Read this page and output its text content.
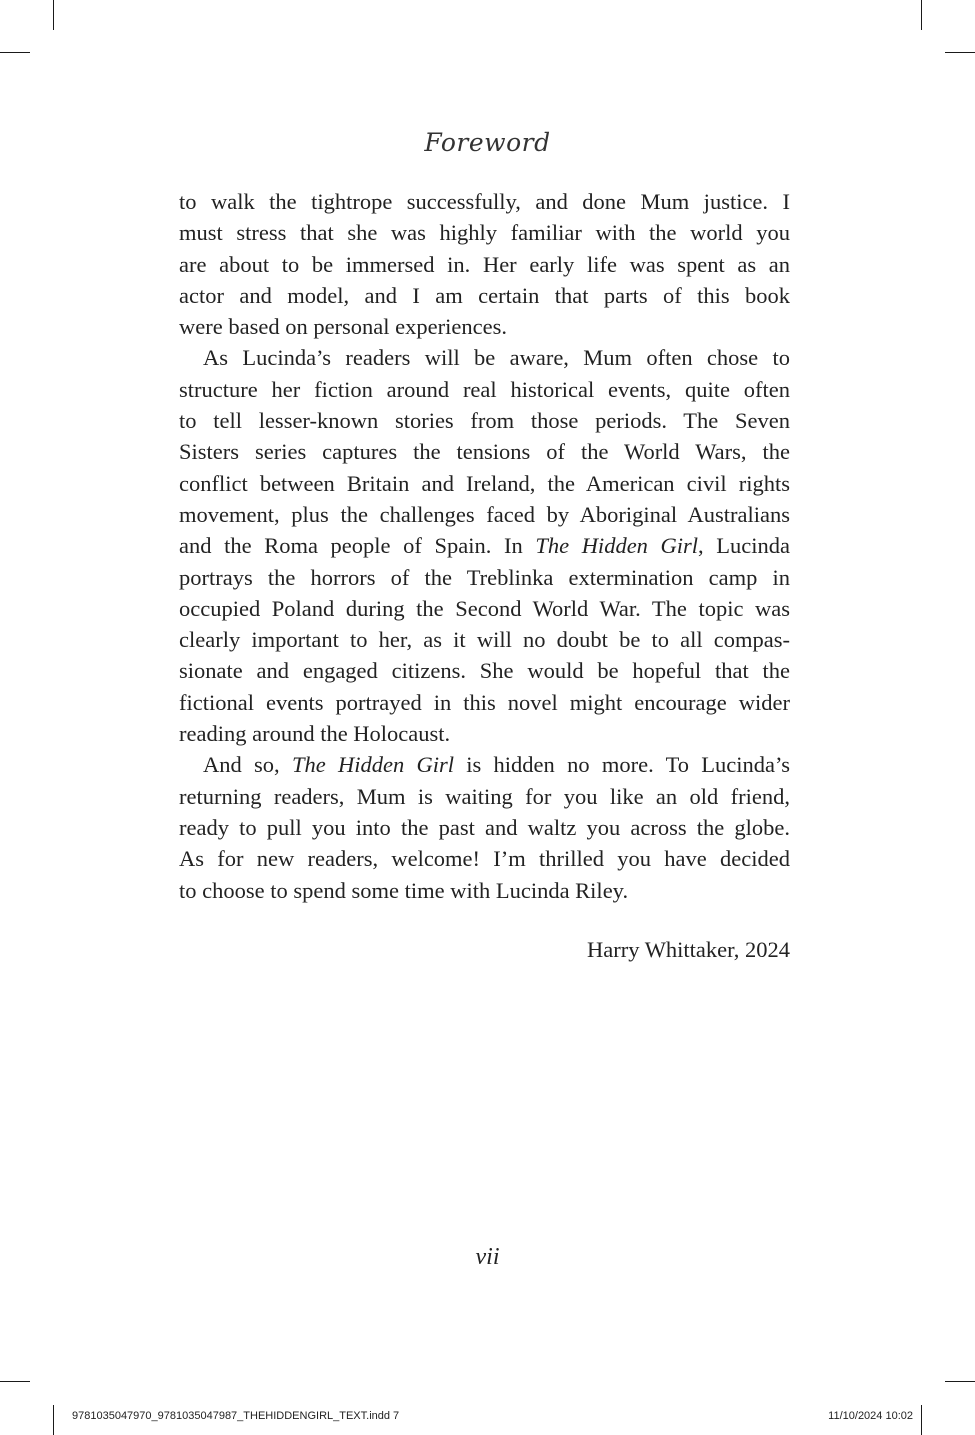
Foreword
to walk the tightrope successfully, and done Mum justice. I
must stress that she was highly familiar with the world you
are about to be immersed in. Her early life was spent as an
actor and model, and I am certain that parts of this book
were based on personal experiences.
As Lucinda’s readers will be aware, Mum often chose to
structure her fiction around real historical events, quite often
to tell lesser-known stories from those periods. The Seven
Sisters series captures the tensions of the World Wars, the
conflict between Britain and Ireland, the American civil rights
movement, plus the challenges faced by Aboriginal Australians
and the Roma people of Spain. In The Hidden Girl, Lucinda
portrays the horrors of the Treblinka extermination camp in
occupied Poland during the Second World War. The topic was
clearly important to her, as it will no doubt be to all compas-
sionate and engaged citizens. She would be hopeful that the
fictional events portrayed in this novel might encourage wider
reading around the Holocaust.
And so, The Hidden Girl is hidden no more. To Lucinda’s
returning readers, Mum is waiting for you like an old friend,
ready to pull you into the past and waltz you across the globe.
As for new readers, welcome! I’m thrilled you have decided
to choose to spend some time with Lucinda Riley.
Harry Whittaker, 2024
vii
9781035047970_9781035047987_THEHIDDENGIRL_TEXT.indd 7	11/10/2024 10:02
